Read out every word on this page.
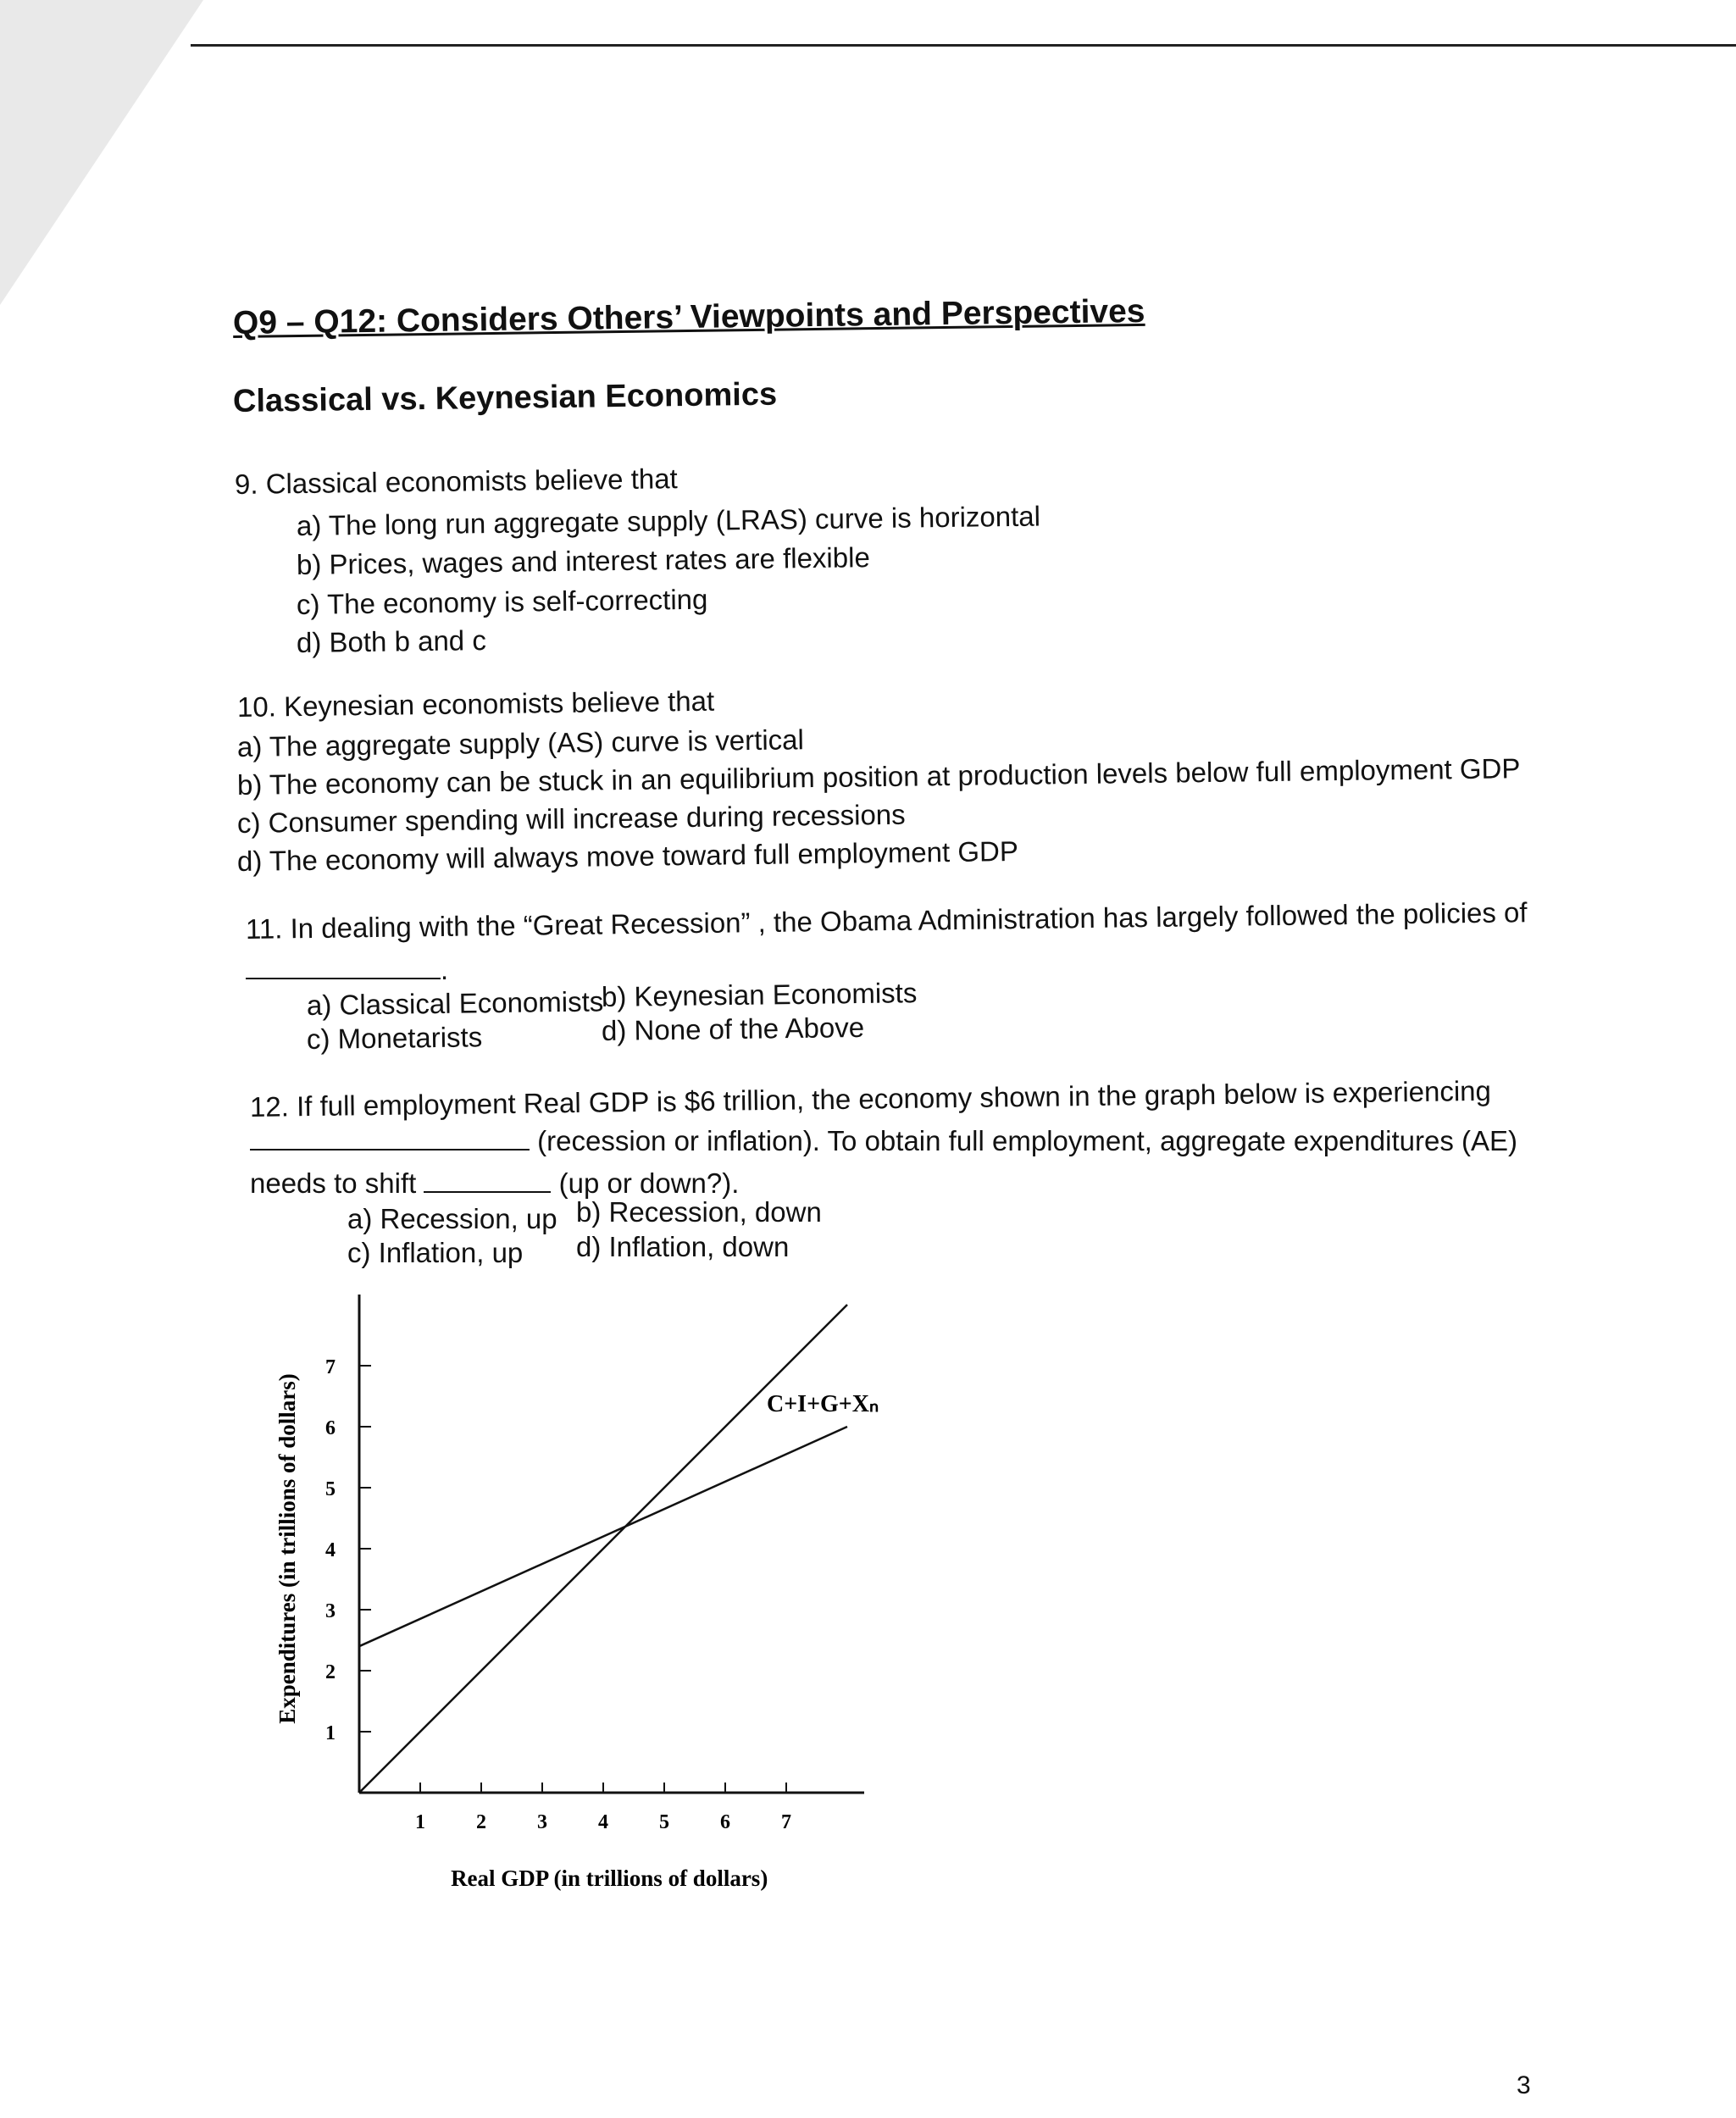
Q9 – Q12: Considers Others’ Viewpoints and Perspectives
Classical vs. Keynesian Economics
9. Classical economists believe that
a) The long run aggregate supply (LRAS) curve is horizontal
b) Prices, wages and interest rates are flexible
c) The economy is self-correcting
d) Both b and c
10. Keynesian economists believe that
a) The aggregate supply (AS) curve is vertical
b) The economy can be stuck in an equilibrium position at production levels below full employment GDP
c) Consumer spending will increase during recessions
d) The economy will always move toward full employment GDP
11. In dealing with the “Great Recession” , the Obama Administration has largely followed the policies of
.
a) Classical Economists
b) Keynesian Economists
c) Monetarists	d) None of the Above
12. If full employment Real GDP is $6 trillion, the economy shown in the graph below is experiencing
(recession or inflation). To obtain full employment, aggregate expenditures (AE)
needs to shift	(up or down?).
a) Recession, up b) Recession, down
c) Inflation, up d) Inflation, down
1	2	3	4	5	6	7
1
2
3
4
5
6
7
C+I+G+Xₙ
Real GDP (in trillions of dollars)
Expenditures (in trillions of dollars)
3
